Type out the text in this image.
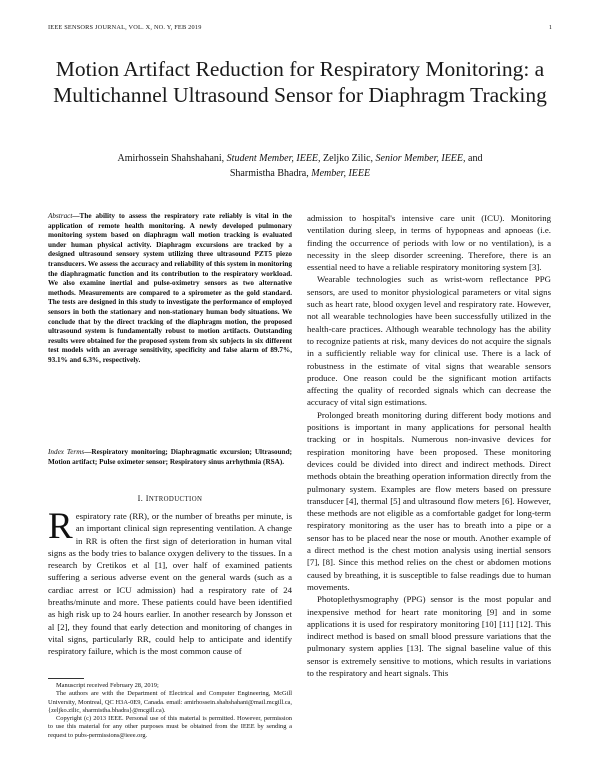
IEEE SENSORS JOURNAL, VOL. X, NO. Y, FEB 2019	1
Motion Artifact Reduction for Respiratory Monitoring: a Multichannel Ultrasound Sensor for Diaphragm Tracking
Amirhossein Shahshahani, Student Member, IEEE, Zeljko Zilic, Senior Member, IEEE, and
Sharmistha Bhadra, Member, IEEE

Abstract—The ability to assess the respiratory rate reliably is vital in the application of remote health monitoring. A newly developed pulmonary monitoring system based on diaphragm wall motion tracking is evaluated under human physical activity. Diaphragm excursions are tracked by a designed ultrasound sensory system utilizing three ultrasound PZT5 piezo transducers. We assess the accuracy and reliability of this system in monitoring the diaphragmatic function and its contribution to the respiratory workload. We also examine inertial and pulse-oximetry sensors as two alternative methods. Measurements are compared to a spirometer as the gold standard. The tests are designed in this study to investigate the performance of employed sensors in both the stationary and non-stationary human body situations. We conclude that by the direct tracking of the diaphragm motion, the proposed ultrasound system is fundamentally robust to motion artifacts. Outstanding results were obtained for the proposed system from six subjects in six different test models with an average sensitivity, specificity and false alarm of 89.7%, 93.1% and 6.3%, respectively.

Index Terms—Respiratory monitoring; Diaphragmatic excursion; Ultrasound; Motion artifact; Pulse oximeter sensor; Respiratory sinus arrhythmia (RSA).

I. INTRODUCTION

Respiratory rate (RR), or the number of breaths per minute, is an important clinical sign representing ventilation. A change in RR is often the first sign of deterioration in human vital signs as the body tries to balance oxygen delivery to the tissues. In a research by Cretikos et al [1], over half of examined patients suffering a serious adverse event on the general wards (such as a cardiac arrest or ICU admission) had a respiratory rate of 24 breaths/minute and more. These patients could have been identified as high risk up to 24 hours earlier. In another research by Jonsson et al [2], they found that early detection and monitoring of changes in vital signs, particularly RR, could help to anticipate and identify respiratory failure, which is the most common cause of

Manuscript received February 28, 2019;

The authors are with the Department of Electrical and Computer Engineering, McGill University, Montreal, QC H3A-0E9, Canada. email: amirhossein.shahshahani@mail.mcgill.ca, {zeljko.zilic, sharmistha.bhadra}@mcgill.ca).

Copyright (c) 2013 IEEE. Personal use of this material is permitted. However, permission to use this material for any other purposes must be obtained from the IEEE by sending a request to pubs-permissions@ieee.org.

admission to hospital's intensive care unit (ICU). Monitoring ventilation during sleep, in terms of hypopneas and apnoeas (i.e. finding the occurrence of periods with low or no ventilation), is a necessity in the sleep disorder screening. Therefore, there is an essential need to have a reliable respiratory monitoring system [3].

Wearable technologies such as wrist-worn reflectance PPG sensors, are used to monitor physiological parameters or vital signs such as heart rate, blood oxygen level and respiratory rate. However, not all wearable technologies have been successfully utilized in the health-care practices. Although wearable technology has the ability to recognize patients at risk, many devices do not acquire the signals in a sufficiently reliable way for clinical use. There is a lack of robustness in the estimate of vital signs that wearable sensors produce. One reason could be the significant motion artifacts affecting the quality of recorded signals which can decrease the accuracy of vital sign estimations.

Prolonged breath monitoring during different body motions and positions is important in many applications for personal health tracking or in hospitals. Numerous non-invasive devices for respiration monitoring have been proposed. These monitoring devices could be divided into direct and indirect methods. Direct methods obtain the breathing operation information directly from the pulmonary system. Examples are flow meters based on pressure transducer [4], thermal [5] and ultrasound flow meters [6]. However, these methods are not eligible as a comfortable gadget for long-term respiratory monitoring as the user has to breath into a pipe or a sensor has to be placed near the nose or mouth. Another example of a direct method is the chest motion analysis using inertial sensors [7], [8]. Since this method relies on the chest or abdomen motions caused by breathing, it is susceptible to false readings due to human movements.

Photoplethysmography (PPG) sensor is the most popular and inexpensive method for heart rate monitoring [9] and in some applications it is used for respiratory monitoring [10] [11] [12]. This indirect method is based on small blood pressure variations that the pulmonary system applies [13]. The signal baseline value of this sensor is extremely sensitive to motions, which results in variations to the respiratory and heart signals. This
